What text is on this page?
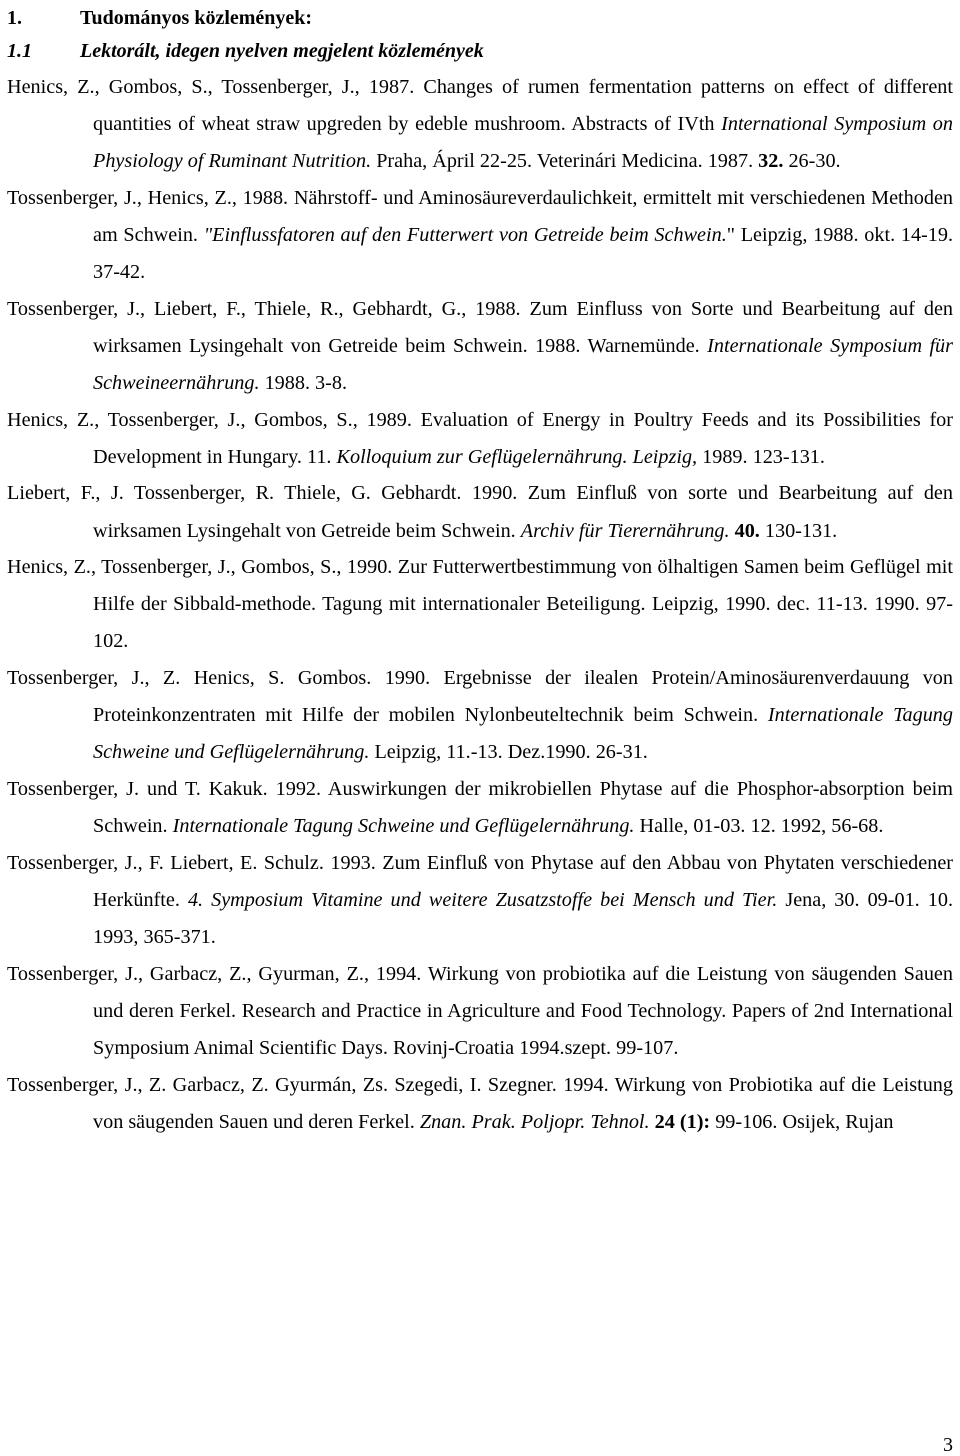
1.	Tudományos közlemények:
1.1 Lektorált, idegen nyelven megjelent közlemények

Henics, Z., Gombos, S., Tossenberger, J., 1987. Changes of rumen fermentation patterns on effect of different quantities of wheat straw upgreden by edeble mushroom. Abstracts of IVth International Symposium on Physiology of Ruminant Nutrition. Praha, Ápril 22-25. Veterinári Medicina. 1987. 32. 26-30.

Tossenberger, J., Henics, Z., 1988. Nährstoff- und Aminosäureverdaulichkeit, ermittelt mit verschiedenen Methoden am Schwein. "Einflussfatoren auf den Futterwert von Getreide beim Schwein." Leipzig, 1988. okt. 14-19. 37-42.

Tossenberger, J., Liebert, F., Thiele, R., Gebhardt, G., 1988. Zum Einfluss von Sorte und Bearbeitung auf den wirksamen Lysingehalt von Getreide beim Schwein. 1988. Warnemünde. Internationale Symposium für Schweineernährung. 1988. 3-8.

Henics, Z., Tossenberger, J., Gombos, S., 1989. Evaluation of Energy in Poultry Feeds and its Possibilities for Development in Hungary. 11. Kolloquium zur Geflügelernährung. Leipzig, 1989. 123-131.

Liebert, F., J. Tossenberger, R. Thiele, G. Gebhardt. 1990. Zum Einfluß von sorte und Bearbeitung auf den wirksamen Lysingehalt von Getreide beim Schwein. Archiv für Tierernährung. 40. 130-131.

Henics, Z., Tossenberger, J., Gombos, S., 1990. Zur Futterwertbestimmung von ölhaltigen Samen beim Geflügel mit Hilfe der Sibbald-methode. Tagung mit internationaler Beteiligung. Leipzig, 1990. dec. 11-13. 1990. 97-102.

Tossenberger, J., Z. Henics, S. Gombos. 1990. Ergebnisse der ilealen Protein/Aminosäurenverdauung von Proteinkonzentraten mit Hilfe der mobilen Nylonbeuteltechnik beim Schwein. Internationale Tagung Schweine und Geflügelernährung. Leipzig, 11.-13. Dez.1990. 26-31.

Tossenberger, J. und T. Kakuk. 1992. Auswirkungen der mikrobiellen Phytase auf die Phosphor-absorption beim Schwein. Internationale Tagung Schweine und Geflügelernährung. Halle, 01-03. 12. 1992, 56-68.

Tossenberger, J., F. Liebert, E. Schulz. 1993. Zum Einfluß von Phytase auf den Abbau von Phytaten verschiedener Herkünfte. 4. Symposium Vitamine und weitere Zusatzstoffe bei Mensch und Tier. Jena, 30. 09-01. 10. 1993, 365-371.

Tossenberger, J., Garbacz, Z., Gyurman, Z., 1994. Wirkung von probiotika auf die Leistung von säugenden Sauen und deren Ferkel. Research and Practice in Agriculture and Food Technology. Papers of 2nd International Symposium Animal Scientific Days. Rovinj-Croatia 1994.szept. 99-107.

Tossenberger, J., Z. Garbacz, Z. Gyurmán, Zs. Szegedi, I. Szegner. 1994. Wirkung von Probiotika auf die Leistung von säugenden Sauen und deren Ferkel. Znan. Prak. Poljopr. Tehnol. 24 (1): 99-106. Osijek, Rujan

3
